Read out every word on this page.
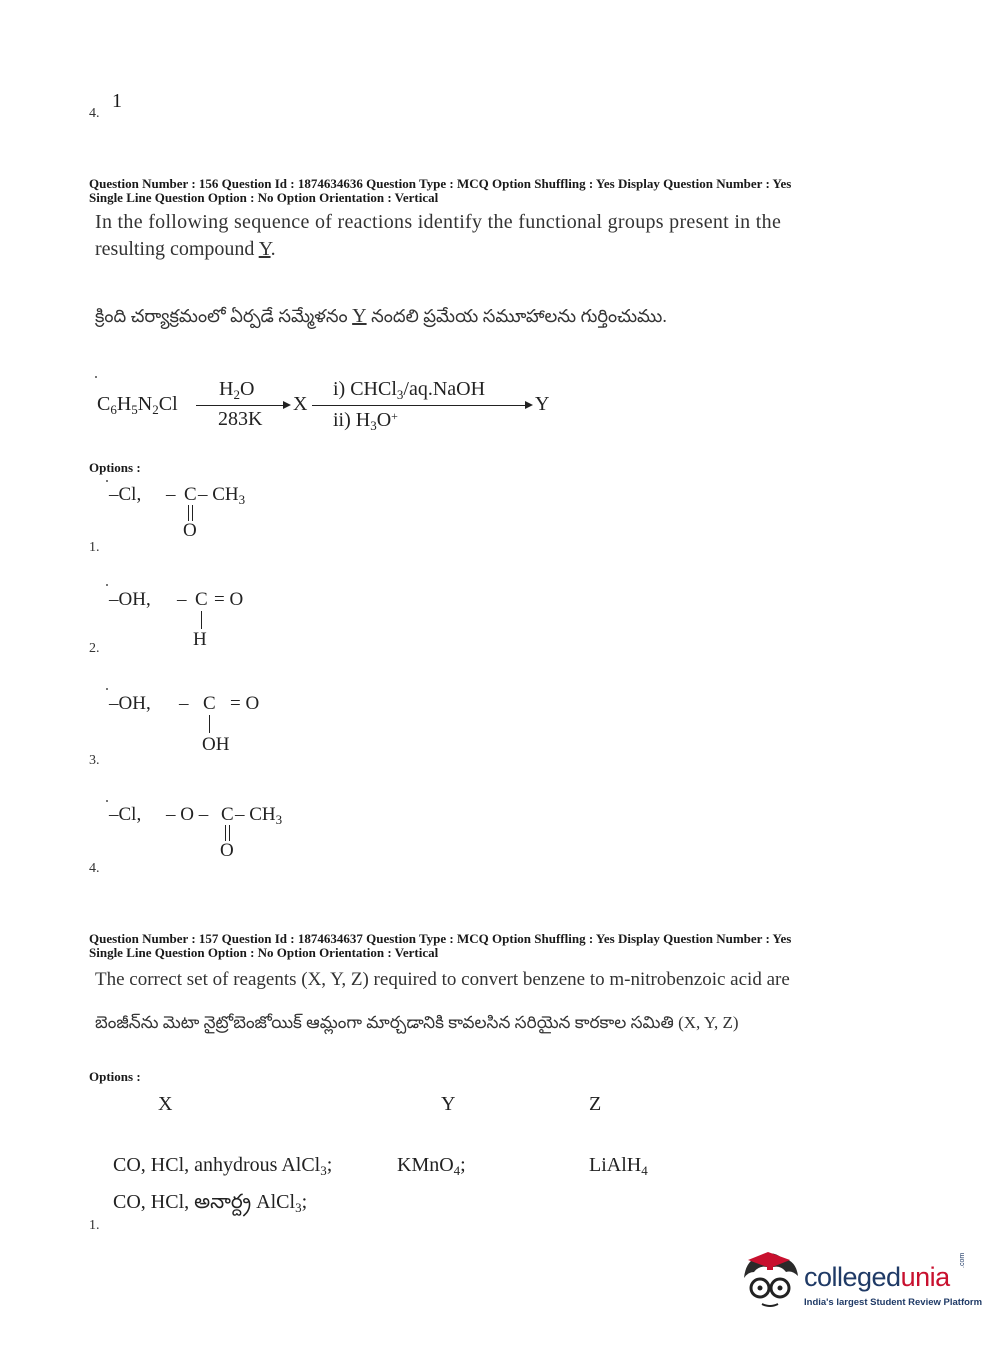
4.
1
Question Number : 156 Question Id : 1874634636 Question Type : MCQ Option Shuffling : Yes Display Question Number : Yes
Single Line Question Option : No Option Orientation : Vertical
In the following sequence of reactions identify the functional groups present in the
resulting compound Y.
క్రింది చర్యాక్రమంలో ఏర్పడే సమ్మేళనం Y నందలి ప్రమేయ సమూహాలను గుర్తించుము.
$C_6H_5N_2Cl$
$H_2O$
283K
X
i) CHCl$_3$/aq.NaOH
ii) $H_3O^+$
Y
Options :
–Cl, – C – $CH_3$
O
1.
–OH, – C = O
H
2.
–OH, – C = O
OH
3.
–Cl, – O – C – $CH_3$
O
4.
Question Number : 157 Question Id : 1874634637 Question Type : MCQ Option Shuffling : Yes Display Question Number : Yes
Single Line Question Option : No Option Orientation : Vertical
The correct set of reagents (X, Y, Z) required to convert benzene to m-nitrobenzoic acid are
బెంజీన్‌ను మెటా నైట్రోబెంజోయిక్ ఆమ్లంగా మార్చడానికి కావలసిన సరియైన కారకాల సమితి (X, Y, Z)
Options :
X	Y	Z
CO, HCl, anhydrous AlCl$_3$;	KMnO$_4$;	LiAlH$_4$
CO, HCl, అనార్ద్ర AlCl$_3$;
1.
collegedunia
.com
India's largest Student Review Platform
